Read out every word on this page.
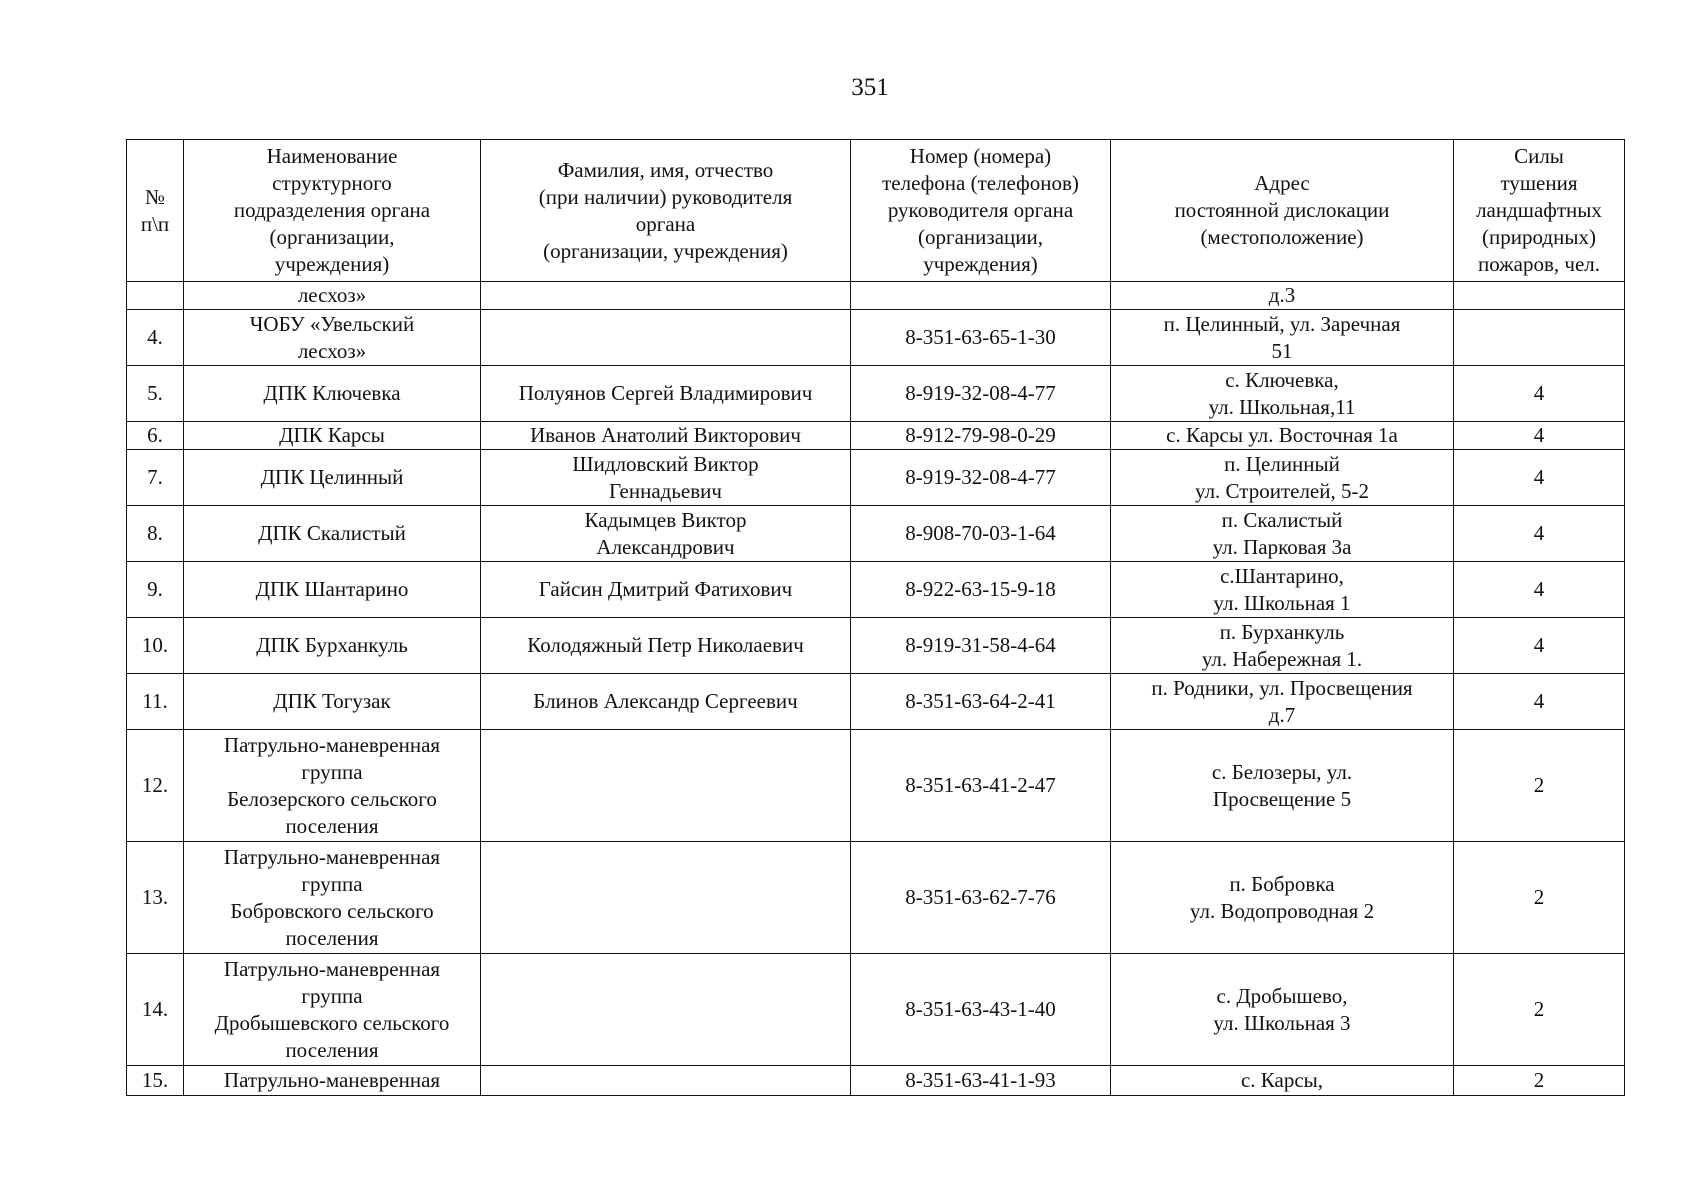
351
№
п\п	Наименование
структурного
подразделения органа
(организации,
учреждения)	Фамилия, имя, отчество
(при наличии) руководителя
органа
(организации, учреждения)	Номер (номера)
телефона (телефонов)
руководителя органа
(организации,
учреждения)	Адрес
постоянной дислокации
(местоположение)	Силы
тушения
ландшафтных
(природных)
пожаров, чел.
	лесхоз»			д.3	
4.	ЧОБУ «Увельский
лесхоз»		8-351-63-65-1-30	п. Целинный, ул. Заречная
51	
5.	ДПК Ключевка	Полуянов Сергей Владимирович	8-919-32-08-4-77	с. Ключевка,
ул. Школьная,11	4
6.	ДПК Карсы	Иванов Анатолий Викторович	8-912-79-98-0-29	с. Карсы ул. Восточная 1а	4
7.	ДПК Целинный	Шидловский Виктор
Геннадьевич	8-919-32-08-4-77	п. Целинный
ул. Строителей, 5-2	4
8.	ДПК Скалистый	Кадымцев Виктор
Александрович	8-908-70-03-1-64	п. Скалистый
ул. Парковая 3а	4
9.	ДПК Шантарино	Гайсин Дмитрий Фатихович	8-922-63-15-9-18	с.Шантарино,
ул. Школьная 1	4
10.	ДПК Бурханкуль	Колодяжный Петр Николаевич	8-919-31-58-4-64	п. Бурханкуль
ул. Набережная 1.	4
11.	ДПК Тогузак	Блинов Александр Сергеевич	8-351-63-64-2-41	п. Родники, ул. Просвещения
д.7	4
12.	Патрульно-маневренная
группа
Белозерского сельского
поселения		8-351-63-41-2-47	с. Белозеры, ул.
Просвещение 5	2
13.	Патрульно-маневренная
группа
Бобровского сельского
поселения		8-351-63-62-7-76	п. Бобровка
ул. Водопроводная 2	2
14.	Патрульно-маневренная
группа
Дробышевского сельского
поселения		8-351-63-43-1-40	с. Дробышево,
ул. Школьная 3	2
15.	Патрульно-маневренная		8-351-63-41-1-93	с. Карсы,	2
